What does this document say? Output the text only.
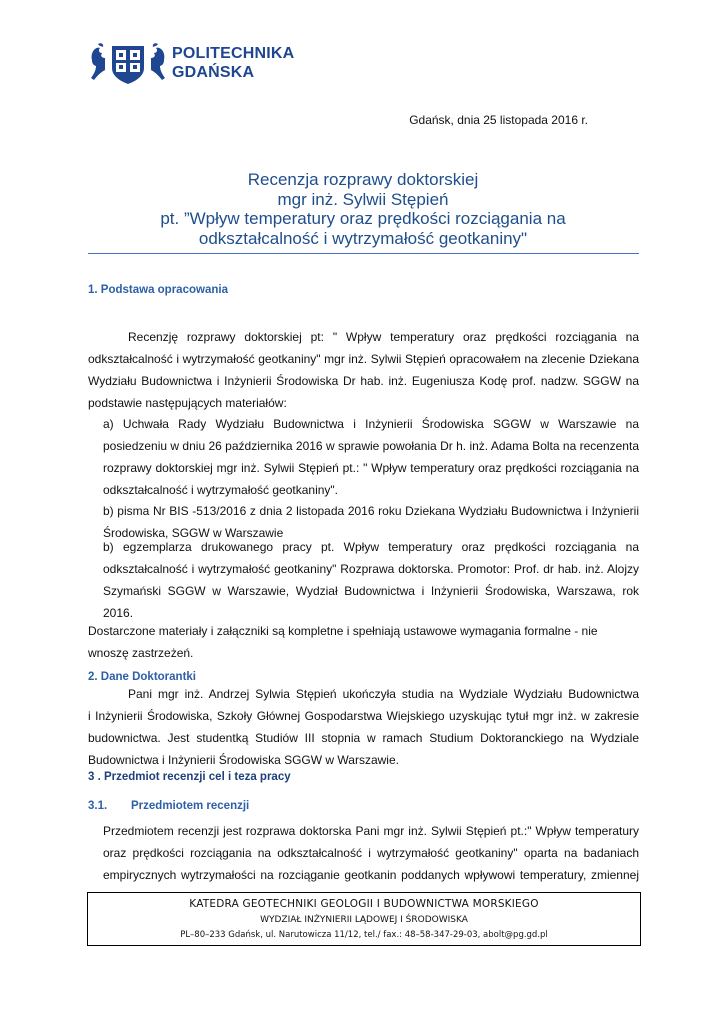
POLITECHNIKA
GDAŃSKA
Gdańsk, dnia 25 listopada 2016 r.
Recenzja rozprawy doktorskiej
mgr inż. Sylwii Stępień
pt. ”Wpływ temperatury oraz prędkości rozciągania na
odkształcalność i wytrzymałość geotkaniny"
1. Podstawa opracowania
Recenzję rozprawy doktorskiej pt: " Wpływ temperatury oraz prędkości rozciągania na
odkształcalność i wytrzymałość geotkaniny" mgr inż. Sylwii Stępień opracowałem na zlecenie Dziekana
Wydziału Budownictwa i Inżynierii Środowiska Dr hab. inż. Eugeniusza Kodę prof. nadzw. SGGW na
podstawie następujących materiałów:
a) Uchwała Rady Wydziału Budownictwa i Inżynierii Środowiska SGGW w Warszawie na
posiedzeniu w dniu 26 października 2016 w sprawie powołania Dr h. inż. Adama Bolta na recenzenta
rozprawy doktorskiej mgr inż. Sylwii Stępień pt.: " Wpływ temperatury oraz prędkości rozciągania na
odkształcalność i wytrzymałość geotkaniny".
b) pisma Nr BIS -513/2016 z dnia 2 listopada 2016 roku Dziekana Wydziału Budownictwa i Inżynierii
Środowiska, SGGW w Warszawie
b) egzemplarza drukowanego pracy pt. Wpływ temperatury oraz prędkości rozciągania na
odkształcalność i wytrzymałość geotkaniny" Rozprawa doktorska. Promotor: Prof. dr hab. inż. Alojzy
Szymański SGGW w Warszawie, Wydział Budownictwa i Inżynierii Środowiska, Warszawa, rok
2016.
Dostarczone materiały i załączniki są kompletne i spełniają ustawowe wymagania formalne - nie
wnoszę zastrzeżeń.
2. Dane Doktorantki
Pani mgr inż. Andrzej Sylwia Stępień ukończyła studia na Wydziale Wydziału Budownictwa
i Inżynierii Środowiska, Szkoły Głównej Gospodarstwa Wiejskiego uzyskując tytuł mgr inż. w zakresie
budownictwa. Jest studentką Studiów III stopnia w ramach Studium Doktoranckiego na Wydziale
Budownictwa i Inżynierii Środowiska SGGW w Warszawie.
3 . Przedmiot recenzji cel i teza pracy
3.1. Przedmiotem recenzji
Przedmiotem recenzji jest rozprawa doktorska Pani mgr inż. Sylwii Stępień pt.:" Wpływ temperatury
oraz prędkości rozciągania na odkształcalność i wytrzymałość geotkaniny" oparta na badaniach
empirycznych wytrzymałości na rozciąganie geotkanin poddanych wpływowi temperatury, zmiennej
KATEDRA GEOTECHNIKI GEOLOGII I BUDOWNICTWA MORSKIEGO
WYDZIAŁ INŻYNIERII LĄDOWEJ I ŚRODOWISKA
PL–80–233 Gdańsk, ul. Narutowicza 11/12, tel./ fax.: 48–58-347-29-03, abolt@pg.gd.pl
